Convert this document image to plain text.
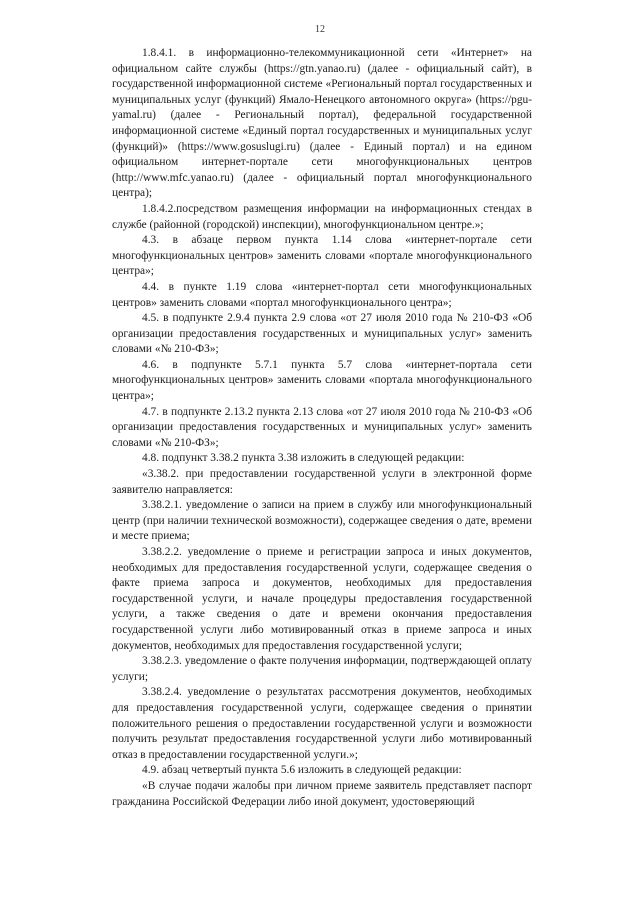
12

1.8.4.1. в информационно-телекоммуникационной сети «Интернет» на официальном сайте службы (https://gtn.yanao.ru) (далее - официальный сайт), в государственной информационной системе «Региональный портал государственных и муниципальных услуг (функций) Ямало-Ненецкого автономного округа» (https://pgu-yamal.ru) (далее - Региональный портал), федеральной государственной информационной системе «Единый портал государственных и муниципальных услуг (функций)» (https://www.gosuslugi.ru) (далее - Единый портал) и на едином официальном интернет-портале сети многофункциональных центров (http://www.mfc.yanao.ru) (далее - официальный портал многофункционального центра);

1.8.4.2.посредством размещения информации на информационных стендах в службе (районной (городской) инспекции), многофункциональном центре.»;

4.3. в абзаце первом пункта 1.14 слова «интернет-портале сети многофункциональных центров» заменить словами «портале многофункционального центра»;

4.4. в пункте 1.19 слова «интернет-портал сети многофункциональных центров» заменить словами «портал многофункционального центра»;

4.5. в подпункте 2.9.4 пункта 2.9 слова «от 27 июля 2010 года № 210-ФЗ «Об организации предоставления государственных и муниципальных услуг» заменить словами «№ 210-ФЗ»;

4.6. в подпункте 5.7.1 пункта 5.7 слова «интернет-портала сети многофункциональных центров» заменить словами «портала многофункционального центра»;

4.7. в подпункте 2.13.2 пункта 2.13 слова «от 27 июля 2010 года № 210-ФЗ «Об организации предоставления государственных и муниципальных услуг» заменить словами «№ 210-ФЗ»;

4.8. подпункт 3.38.2 пункта 3.38 изложить в следующей редакции:

«3.38.2. при предоставлении государственной услуги в электронной форме заявителю направляется:

3.38.2.1. уведомление о записи на прием в службу или многофункциональный центр (при наличии технической возможности), содержащее сведения о дате, времени и месте приема;

3.38.2.2. уведомление о приеме и регистрации запроса и иных документов, необходимых для предоставления государственной услуги, содержащее сведения о факте приема запроса и документов, необходимых для предоставления государственной услуги, и начале процедуры предоставления государственной услуги, а также сведения о дате и времени окончания предоставления государственной услуги либо мотивированный отказ в приеме запроса и иных документов, необходимых для предоставления государственной услуги;

3.38.2.3. уведомление о факте получения информации, подтверждающей оплату услуги;

3.38.2.4. уведомление о результатах рассмотрения документов, необходимых для предоставления государственной услуги, содержащее сведения о принятии положительного решения о предоставлении государственной услуги и возможности получить результат предоставления государственной услуги либо мотивированный отказ в предоставлении государственной услуги.»;

4.9. абзац четвертый пункта 5.6 изложить в следующей редакции:

«В случае подачи жалобы при личном приеме заявитель представляет паспорт гражданина Российской Федерации либо иной документ, удостоверяющий
